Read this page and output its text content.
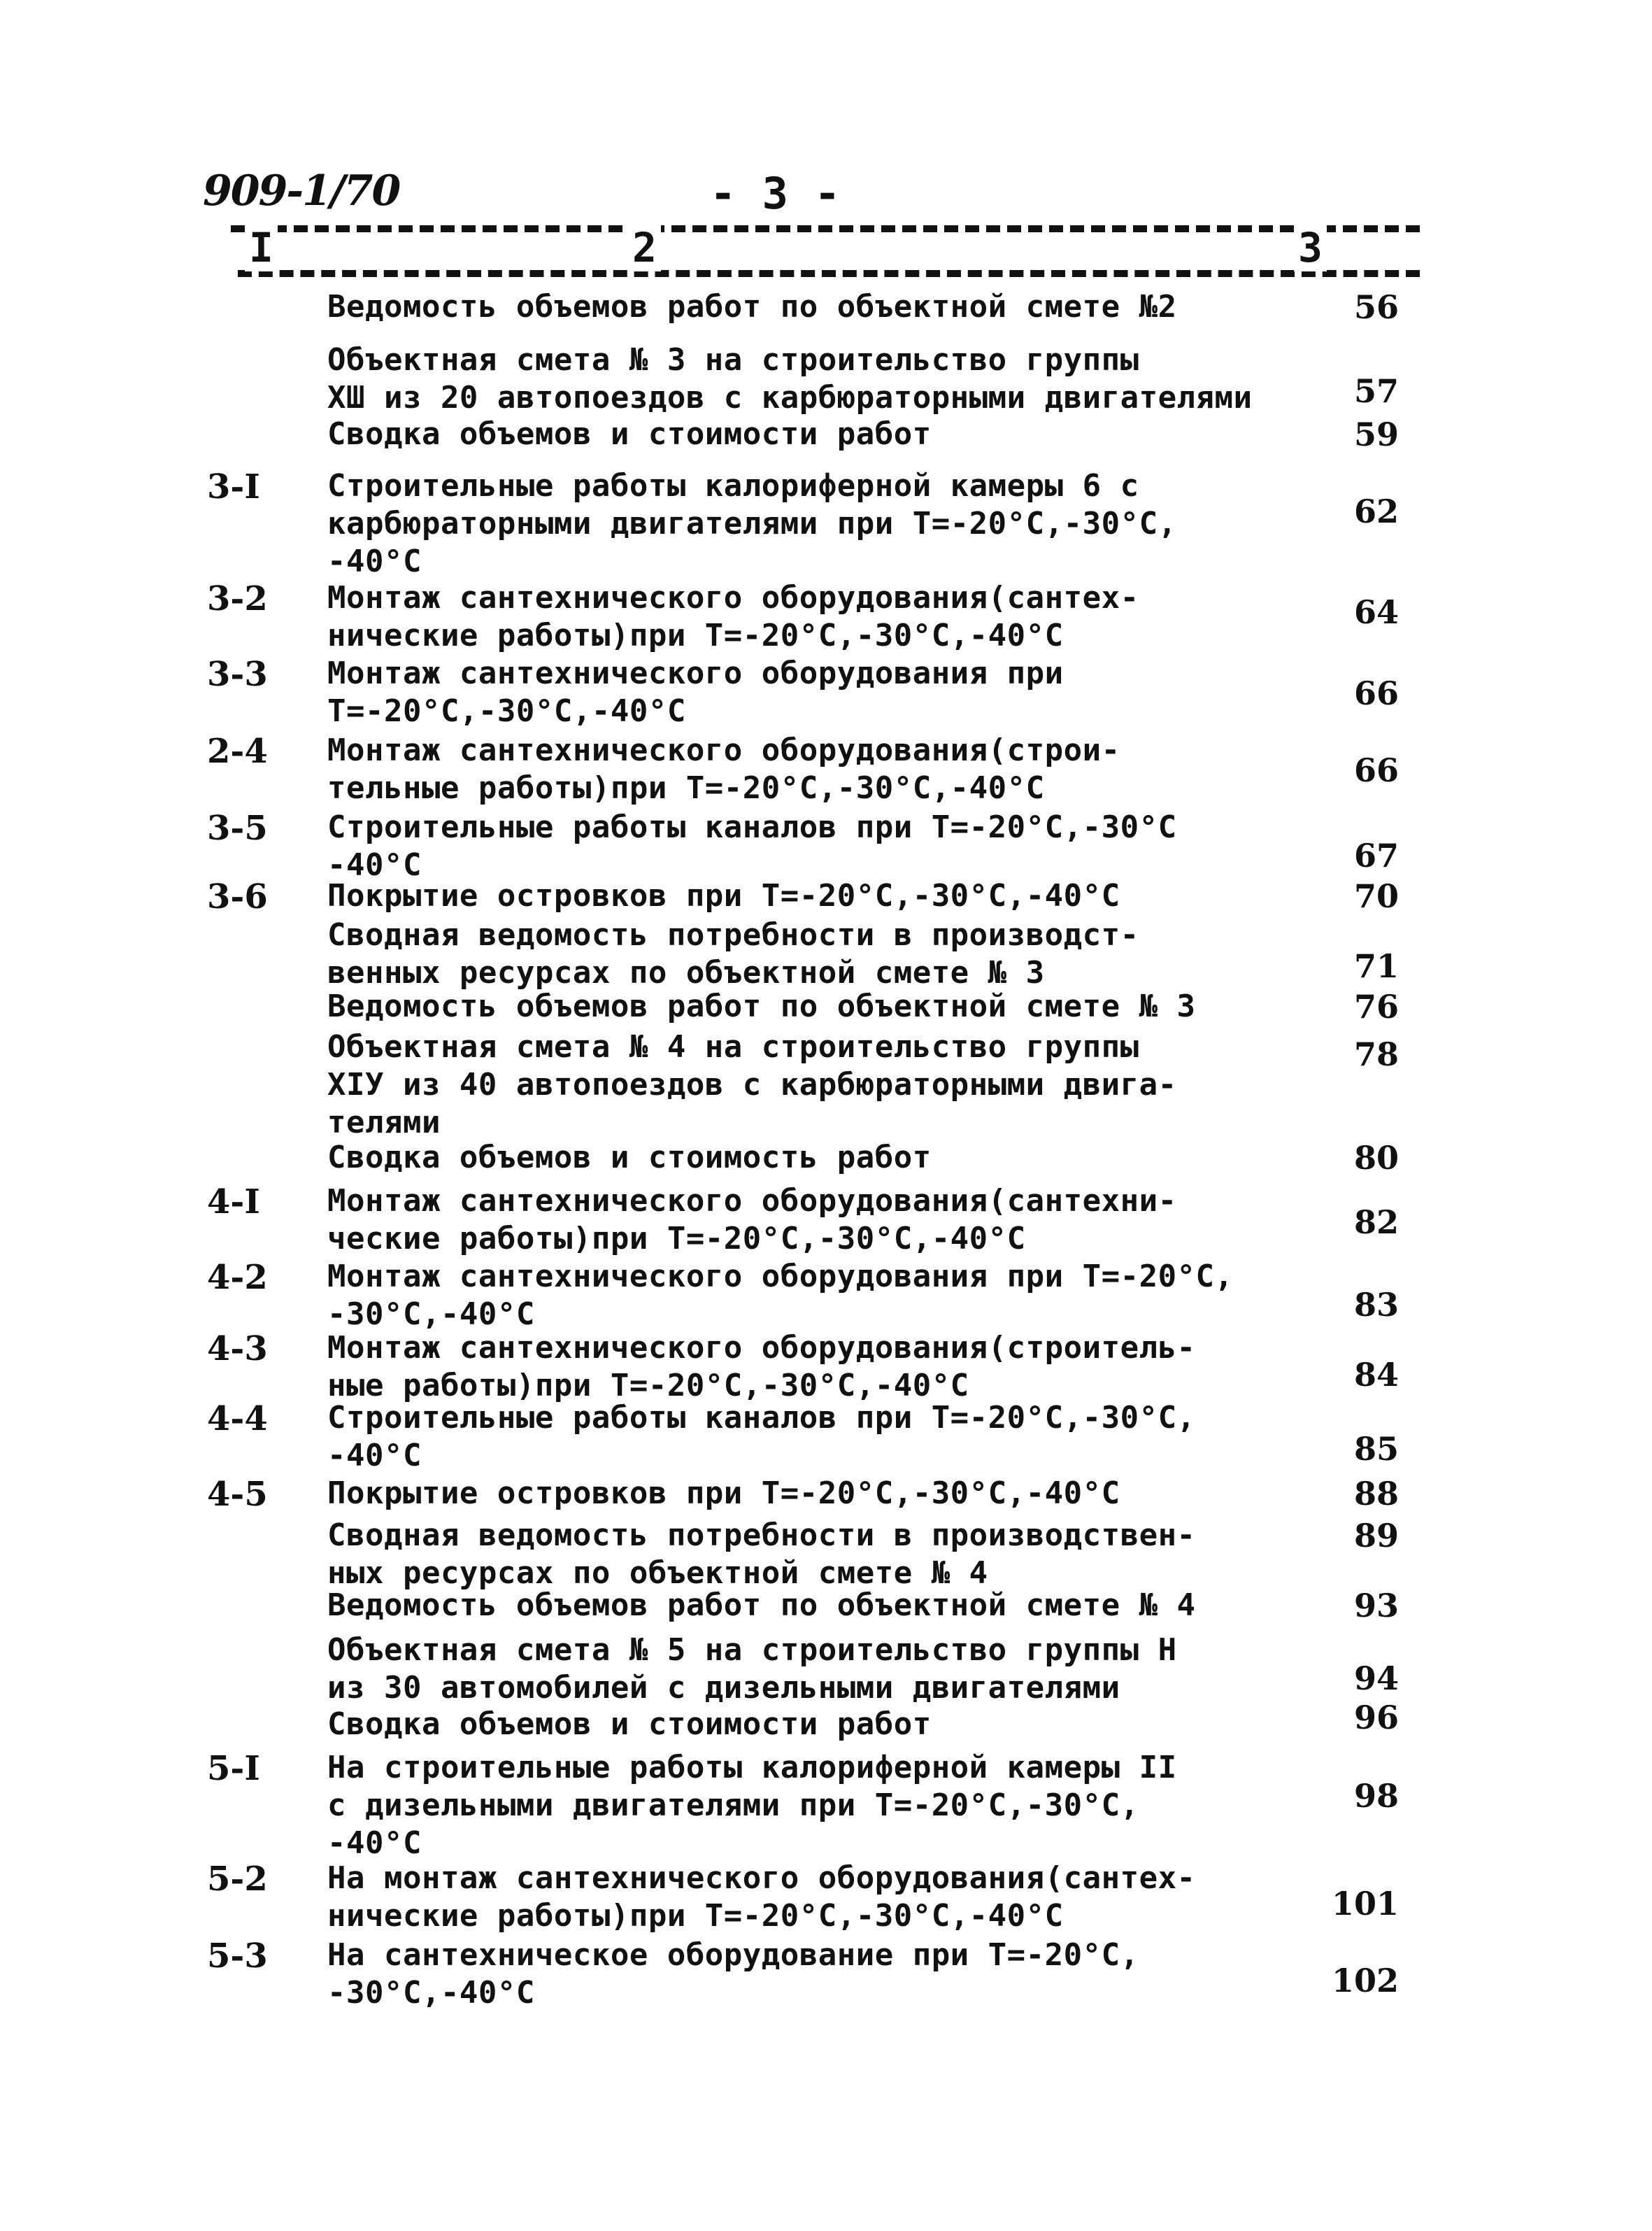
909-1/70	- 3 -
I	2	3
Ведомость объемов работ по объектной смете №2	56
Объектная смета № 3 на строительство группы
XШ из 20 автопоездов с карбюраторными двигателями	57
Сводка объемов и стоимости работ	59
3-I Строительные работы калориферной камеры 6 с
карбюраторными двигателями при Т=-20°С,-30°С,
-40°С
62
3-2 Монтаж сантехнического оборудования(сантех-
нические работы)при Т=-20°С,-30°С,-40°С
64
3-3 Монтаж сантехнического оборудования при
Т=-20°С,-30°С,-40°С	66
2-4 Монтаж сантехнического оборудования(строи-
тельные работы)при Т=-20°С,-30°С,-40°С	66
3-5 Строительные работы каналов при Т=-20°С,-30°С
-40°С	67
3-6 Покрытие островков при Т=-20°С,-30°С,-40°С	70
Сводная ведомость потребности в производст-
венных ресурсах по объектной смете № 3	71
Ведомость объемов работ по объектной смете № 3	76
Объектная смета № 4 на строительство группы
XIУ из 40 автопоездов с карбюраторными двига-
телями
78
Сводка объемов и стоимость работ	80
4-I Монтаж сантехнического оборудования(сантехни-
ческие работы)при Т=-20°С,-30°С,-40°С	82
4-2 Монтаж сантехнического оборудования при Т=-20°С,
-30°С,-40°С	83
4-3 Монтаж сантехнического оборудования(строитель-
ные работы)при Т=-20°С,-30°С,-40°С	84
4-4 Строительные работы каналов при Т=-20°С,-30°С,
-40°С	85
4-5 Покрытие островков при Т=-20°С,-30°С,-40°С	88
Сводная ведомость потребности в производствен-
ных ресурсах по объектной смете № 4
89
Ведомость объемов работ по объектной смете № 4	93
Объектная смета № 5 на строительство группы Н
из 30 автомобилей с дизельными двигателями	94
Сводка объемов и стоимости работ	96
5-I На строительные работы калориферной камеры II
с дизельными двигателями при Т=-20°С,-30°С,
-40°С
98
5-2 На монтаж сантехнического оборудования(сантех-
нические работы)при Т=-20°С,-30°С,-40°С	101
5-3 На сантехническое оборудование при Т=-20°С,
-30°С,-40°С	102
